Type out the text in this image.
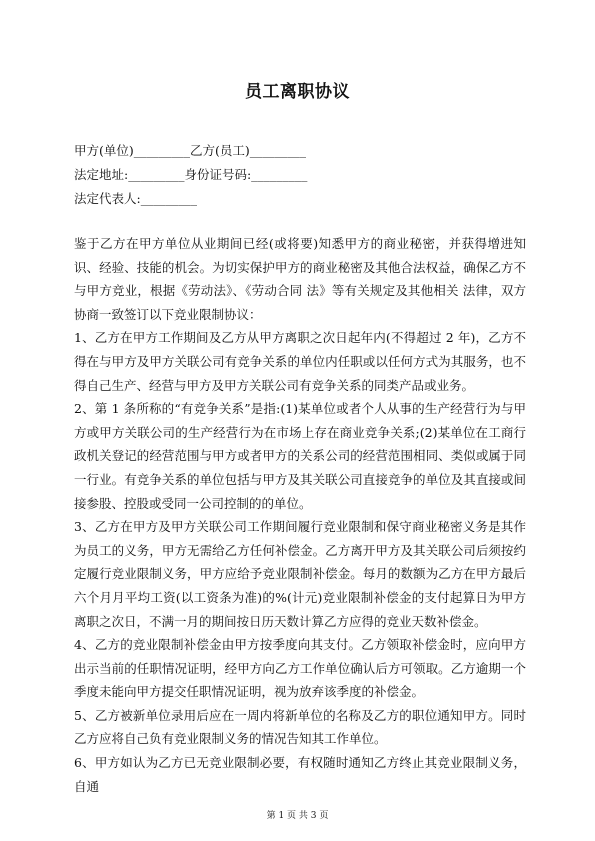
员工离职协议
甲方(单位)_________乙方(员工)_________
法定地址:_________身份证号码:_________
法定代表人:_________

鉴于乙方在甲方单位从业期间已经(或将要)知悉甲方的商业秘密，并获得增进知识、经验、技能的机会。为切实保护甲方的商业秘密及其他合法权益，确保乙方不与甲方竞业，根据《劳动法》、《劳动合同 法》等有关规定及其他相关 法律，双方协商一致签订以下竞业限制协议：

1、乙方在甲方工作期间及乙方从甲方离职之次日起年内(不得超过 2 年)，乙方不得在与甲方及甲方关联公司有竞争关系的单位内任职或以任何方式为其服务，也不得自己生产、经营与甲方及甲方关联公司有竞争关系的同类产品或业务。

2、第 1 条所称的“有竞争关系”是指:(1)某单位或者个人从事的生产经营行为与甲方或甲方关联公司的生产经营行为在市场上存在商业竞争关系;(2)某单位在工商行政机关登记的经营范围与甲方或者甲方的关系公司的经营范围相同、类似或属于同一行业。有竞争关系的单位包括与甲方及其关联公司直接竞争的单位及其直接或间接参股、控股或受同一公司控制的的单位。

3、乙方在甲方及甲方关联公司工作期间履行竞业限制和保守商业秘密义务是其作为员工的义务，甲方无需给乙方任何补偿金。乙方离开甲方及其关联公司后须按约定履行竞业限制义务，甲方应给予竞业限制补偿金。每月的数额为乙方在甲方最后六个月月平均工资(以工资条为准)的%(计元)竞业限制补偿金的支付起算日为甲方离职之次日，不满一月的期间按日历天数计算乙方应得的竞业天数补偿金。

4、乙方的竞业限制补偿金由甲方按季度向其支付。乙方领取补偿金时，应向甲方出示当前的任职情况证明，经甲方向乙方工作单位确认后方可领取。乙方逾期一个季度未能向甲方提交任职情况证明，视为放弃该季度的补偿金。

5、乙方被新单位录用后应在一周内将新单位的名称及乙方的职位通知甲方。同时乙方应将自己负有竞业限制义务的情况告知其工作单位。

6、甲方如认为乙方已无竞业限制必要，有权随时通知乙方终止其竞业限制义务，自通

第 1 页 共 3 页
